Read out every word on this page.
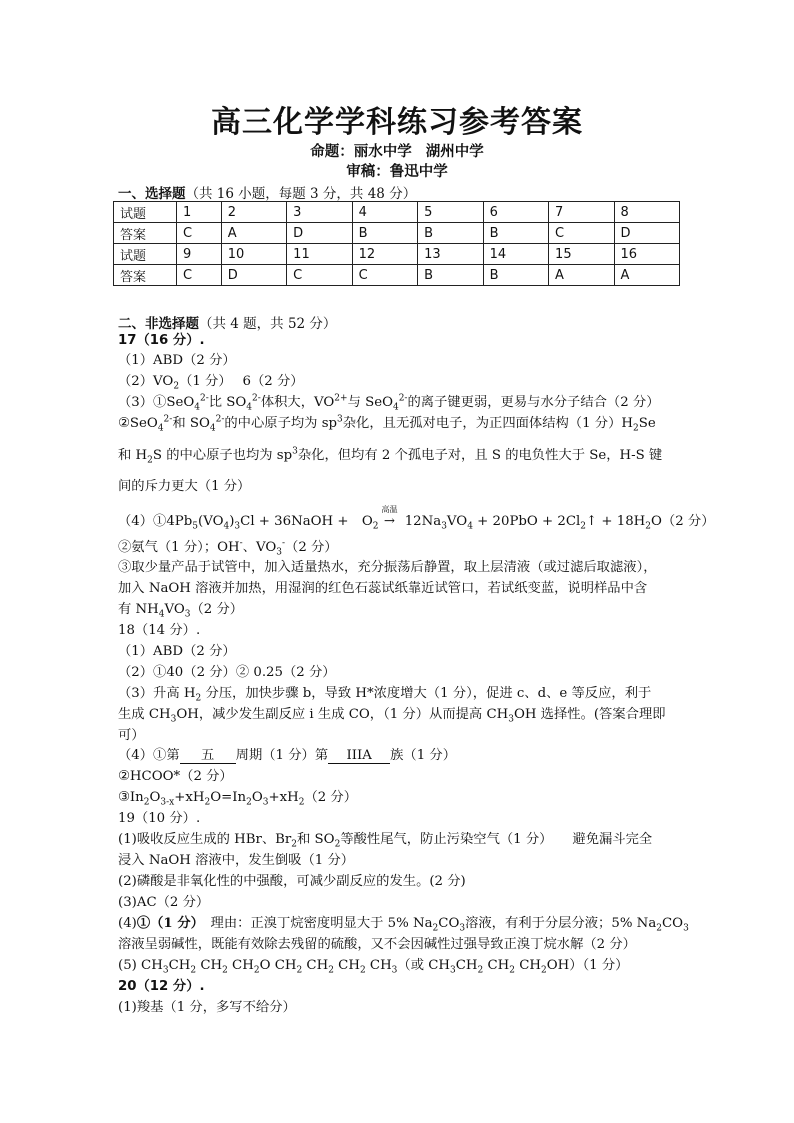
高三化学学科练习参考答案
命题：丽水中学 湖州中学
审稿：鲁迅中学
一、选择题（共 16 小题，每题 3 分，共 48 分）
试题	1	2	3	4	5	6	7	8
答案	C	A	D	B	B	B	C	D
试题	9	10	11	12	13	14	15	16
答案	C	D	C	C	B	B	A	A
二、非选择题（共 4 题，共 52 分）
17（16 分）.
（1）ABD（2 分）
$(2)VO_2(1$ 分）　 6（2 分）
（3）①SeO$_4^{2-}$比 $SO_4^{2-}$体积大，$VO^{2+}$与 SeO$_4^{2-}$的离子键更弱，更易与水分子结合（2 分）
②SeO$_4^{2-}$和 $SO_4^{2-}$的中心原子均为 $sp^3$杂化，且无孤对电子，为正四面体结构（1 分）$H_2Se$
和 $H_2S$ 的中心原子也均为 $sp^3$杂化，但均有 2 个孤电子对，且 S 的电负性大于 Se，H-S 键
间的斥力更大（1 分）
$(4)①4Pb_5(VO_4)_3Cl$ + 36NaOH +　$O_2$
高温
→ $12Na_3VO_4 + 20PbO$ + $2Cl_2↑ + 18H_2O(2$ 分）
②氨气（1 分）；OH-、$VO_3^-(2$ 分）
③取少量产品于试管中，加入适量热水，充分振荡后静置，取上层清液（或过滤后取滤液），
加入 NaOH 溶液并加热，用湿润的红色石蕊试纸靠近试管口，若试纸变蓝，说明样品中含
有 $NH_4VO_3(2$ 分）
18（14 分）.
（1）ABD（2 分）
（2）①40（2 分）② 0.25（2 分）
（3）升高 $H_2$ 分压，加快步骤 b，导致 H*浓度增大（1 分），促进 c、d、e 等反应，利于
生成 $CH_3OH$，减少发生副反应 i 生成 CO，（1 分）从而提高 $CH_3OH$ 选择性。(答案合理即
可）
（4）①第 五 周期（1 分）第 IIIA 族（1 分）
②HCOO*（2 分）
$③In_2O_{3-x}+xH_2O=In_2O_3+xH_2(2$ 分）
19（10 分）.
(1)吸收反应生成的 HBr、$Br_2$和 $SO_2$等酸性尾气，防止污染空气（1 分）　　避免漏斗完全
浸入 NaOH 溶液中，发生倒吸（1 分）
(2)磷酸是非氧化性的中强酸，可减少副反应的发生。(2 分)
(3)AC（2 分）
(4)①（1 分）　理由：正溴丁烷密度明显大于 5% $Na_2CO_3$溶液，有利于分层分液；5% $Na_2CO_3$
溶液呈弱碱性，既能有效除去残留的硫酸，又不会因碱性过强导致正溴丁烷水解（2 分）
(5) $CH_3CH_2$ $CH_2$ $CH_2O$ $CH_2$ $CH_2$ $CH_2$ $CH_3$（或 $CH_3CH_2$ $CH_2$ $CH_2OH)(1$ 分）
20（12 分）.
(1)羧基（1 分，多写不给分）
